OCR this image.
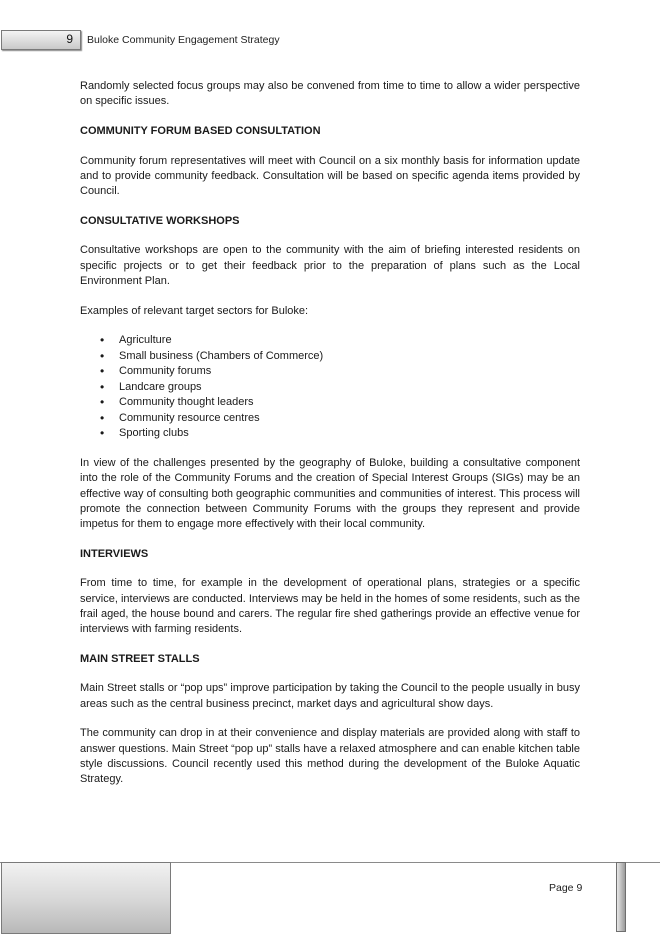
9 Buloke Community Engagement Strategy

Randomly selected focus groups may also be convened from time to time to allow a wider perspective on specific issues.

COMMUNITY FORUM BASED CONSULTATION

Community forum representatives will meet with Council on a six monthly basis for information update and to provide community feedback. Consultation will be based on specific agenda items provided by Council.

CONSULTATIVE WORKSHOPS

Consultative workshops are open to the community with the aim of briefing interested residents on specific projects or to get their feedback prior to the preparation of plans such as the Local Environment Plan.

Examples of relevant target sectors for Buloke:

• Agriculture
• Small business (Chambers of Commerce)
• Community forums
• Landcare groups
• Community thought leaders
• Community resource centres
• Sporting clubs

In view of the challenges presented by the geography of Buloke, building a consultative component into the role of the Community Forums and the creation of Special Interest Groups (SIGs) may be an effective way of consulting both geographic communities and communities of interest. This process will promote the connection between Community Forums with the groups they represent and provide impetus for them to engage more effectively with their local community.

INTERVIEWS

From time to time, for example in the development of operational plans, strategies or a specific service, interviews are conducted. Interviews may be held in the homes of some residents, such as the frail aged, the house bound and carers. The regular fire shed gatherings provide an effective venue for interviews with farming residents.

MAIN STREET STALLS

Main Street stalls or “pop ups” improve participation by taking the Council to the people usually in busy areas such as the central business precinct, market days and agricultural show days.

The community can drop in at their convenience and display materials are provided along with staff to answer questions. Main Street “pop up” stalls have a relaxed atmosphere and can enable kitchen table style discussions. Council recently used this method during the development of the Buloke Aquatic Strategy.

Page 9
